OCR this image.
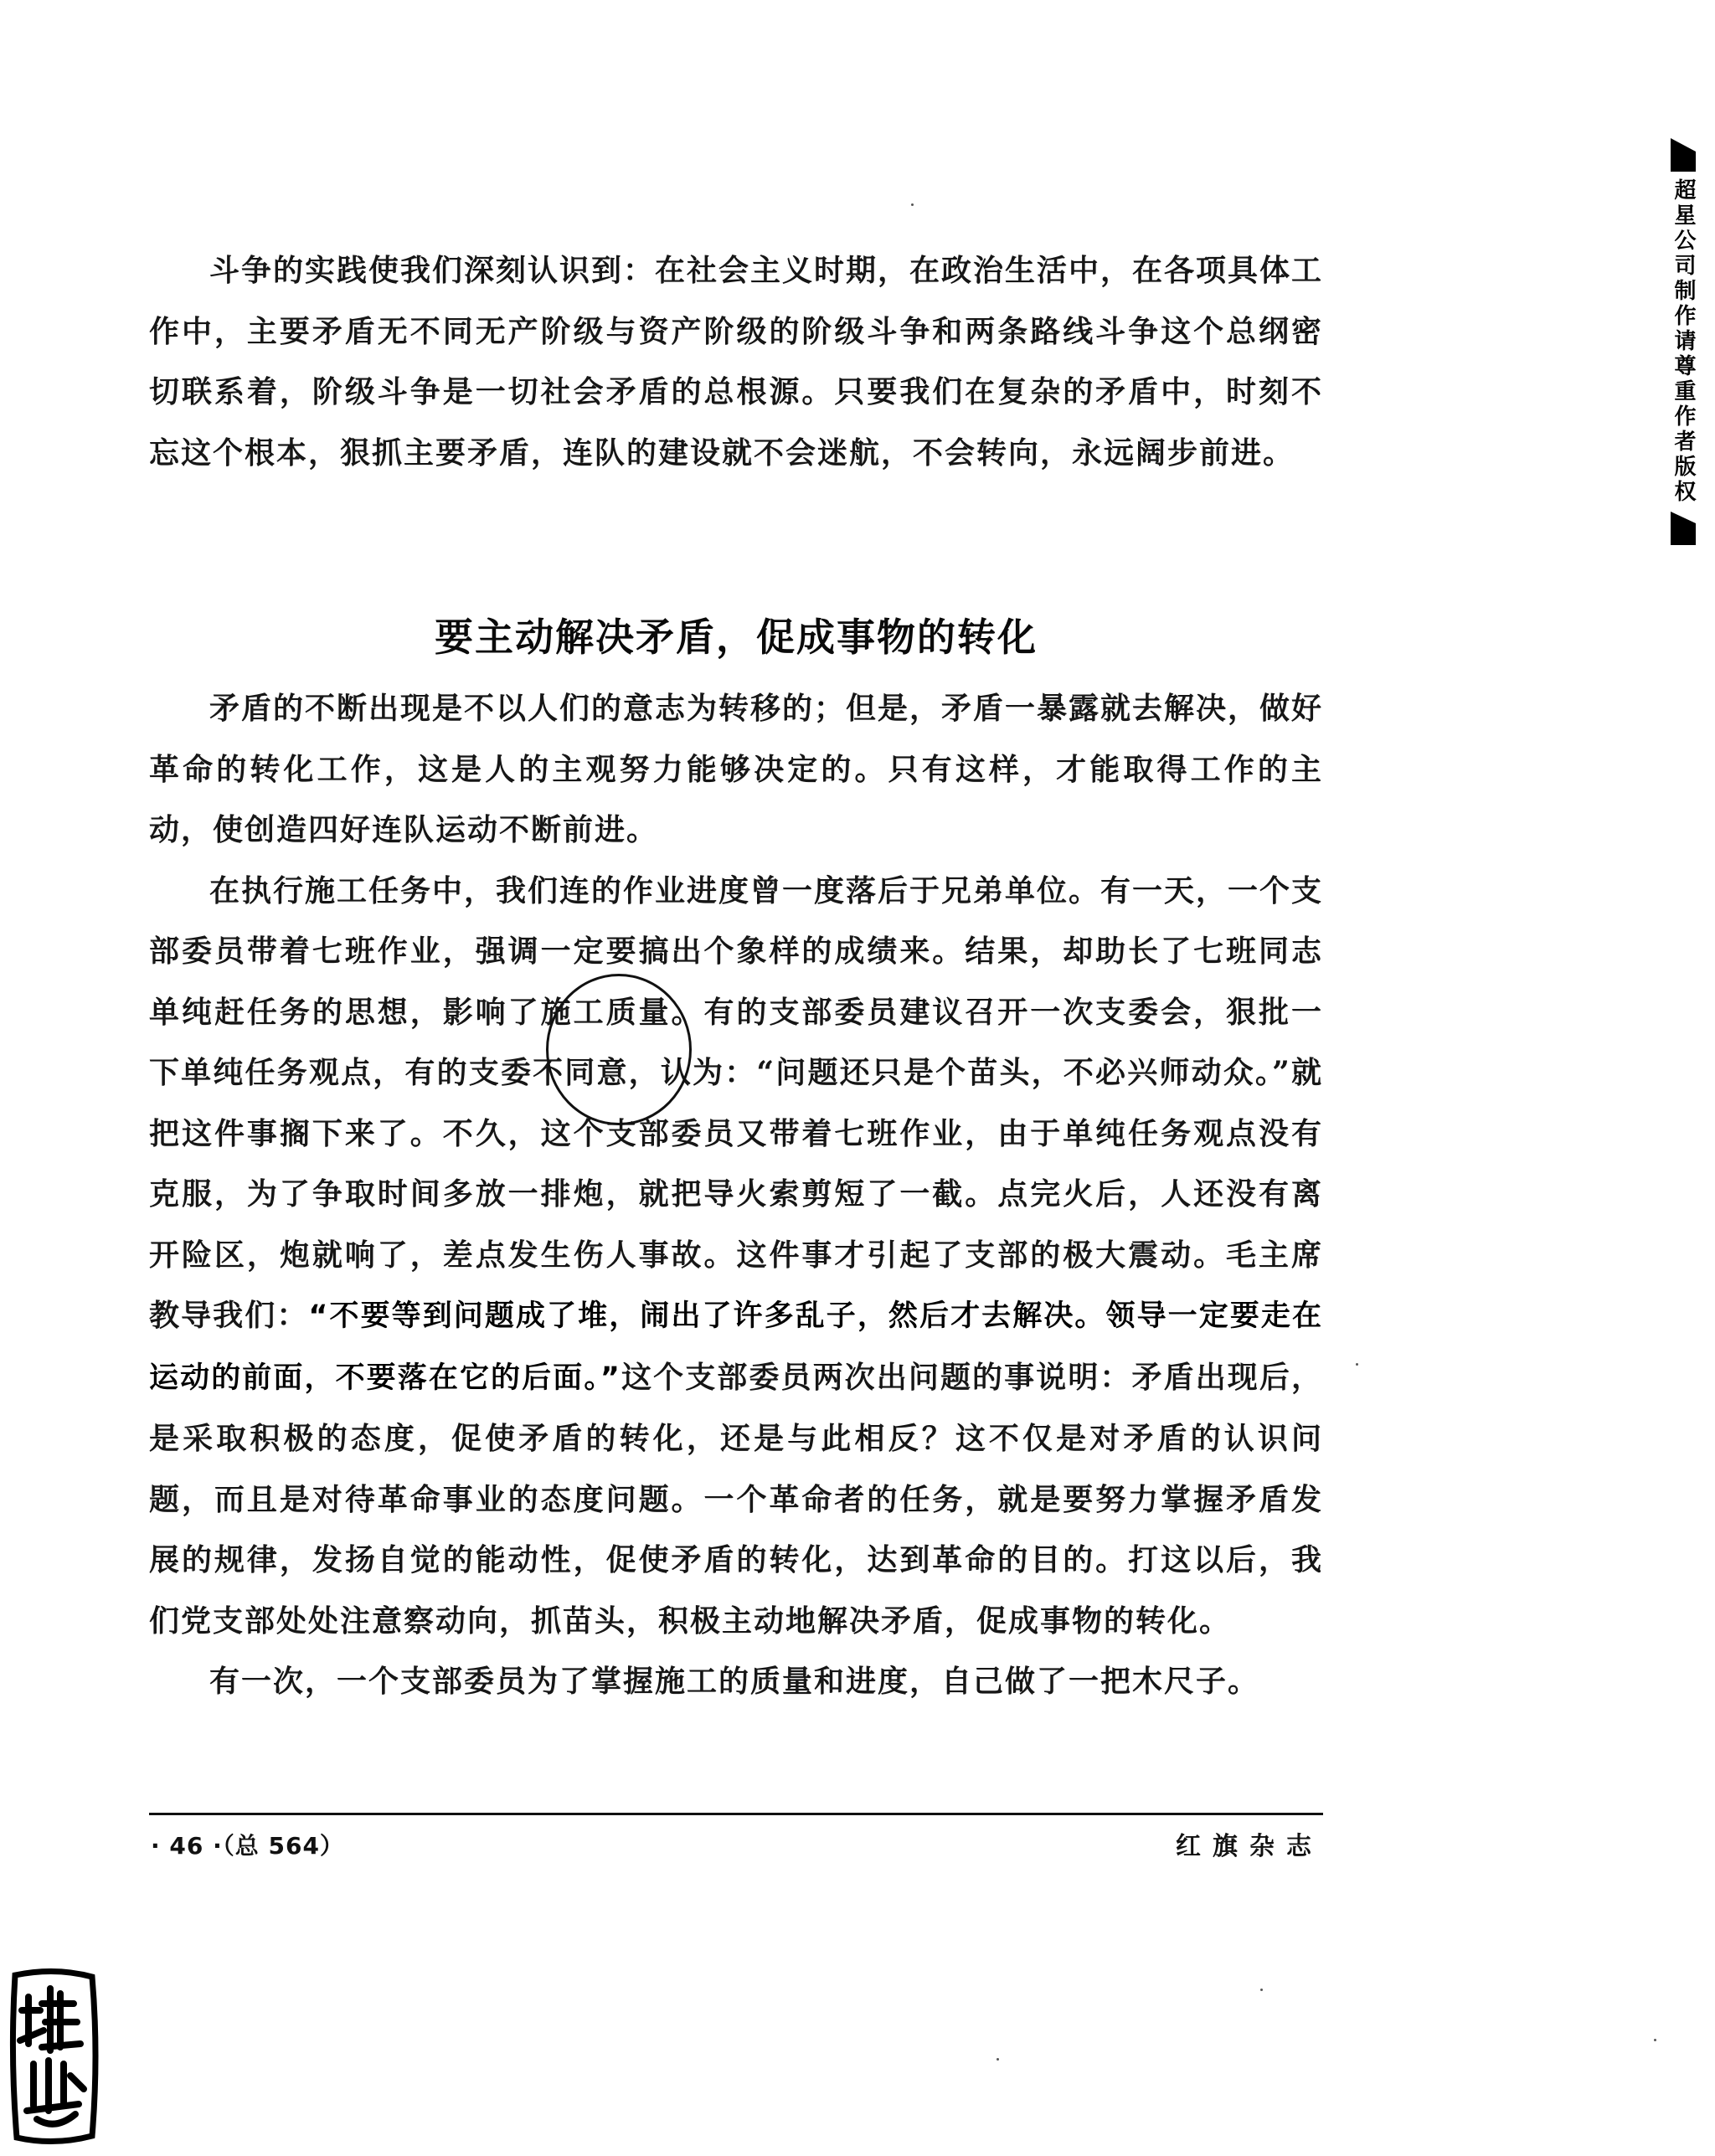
超星公司制作请尊重作者版权

斗争的实践使我们深刻认识到：在社会主义时期，在政治生活中，在各项具体工作中，主要矛盾无不同无产阶级与资产阶级的阶级斗争和两条路线斗争这个总纲密切联系着，阶级斗争是一切社会矛盾的总根源。只要我们在复杂的矛盾中，时刻不忘这个根本，狠抓主要矛盾，连队的建设就不会迷航，不会转向，永远阔步前进。

要主动解决矛盾，促成事物的转化

矛盾的不断出现是不以人们的意志为转移的；但是，矛盾一暴露就去解决，做好革命的转化工作，这是人的主观努力能够决定的。只有这样，才能取得工作的主动，使创造四好连队运动不断前进。

在执行施工任务中，我们连的作业进度曾一度落后于兄弟单位。有一天，一个支部委员带着七班作业，强调一定要搞出个象样的成绩来。结果，却助长了七班同志单纯赶任务的思想，影响了施工质量。有的支部委员建议召开一次支委会，狠批一下单纯任务观点，有的支委不同意，认为：“问题还只是个苗头，不必兴师动众。”就把这件事搁下来了。不久，这个支部委员又带着七班作业，由于单纯任务观点没有克服，为了争取时间多放一排炮，就把导火索剪短了一截。点完火后，人还没有离开险区，炮就响了，差点发生伤人事故。这件事才引起了支部的极大震动。毛主席教导我们：“不要等到问题成了堆，闹出了许多乱子，然后才去解决。领导一定要走在运动的前面，不要落在它的后面。”这个支部委员两次出问题的事说明：矛盾出现后，是采取积极的态度，促使矛盾的转化，还是与此相反？这不仅是对矛盾的认识问题，而且是对待革命事业的态度问题。一个革命者的任务，就是要努力掌握矛盾发展的规律，发扬自觉的能动性，促使矛盾的转化，达到革命的目的。打这以后，我们党支部处处注意察动向，抓苗头，积极主动地解决矛盾，促成事物的转化。

有一次，一个支部委员为了掌握施工的质量和进度，自己做了一把木尺子。

· 46 ·（总 564）	红旗杂志
